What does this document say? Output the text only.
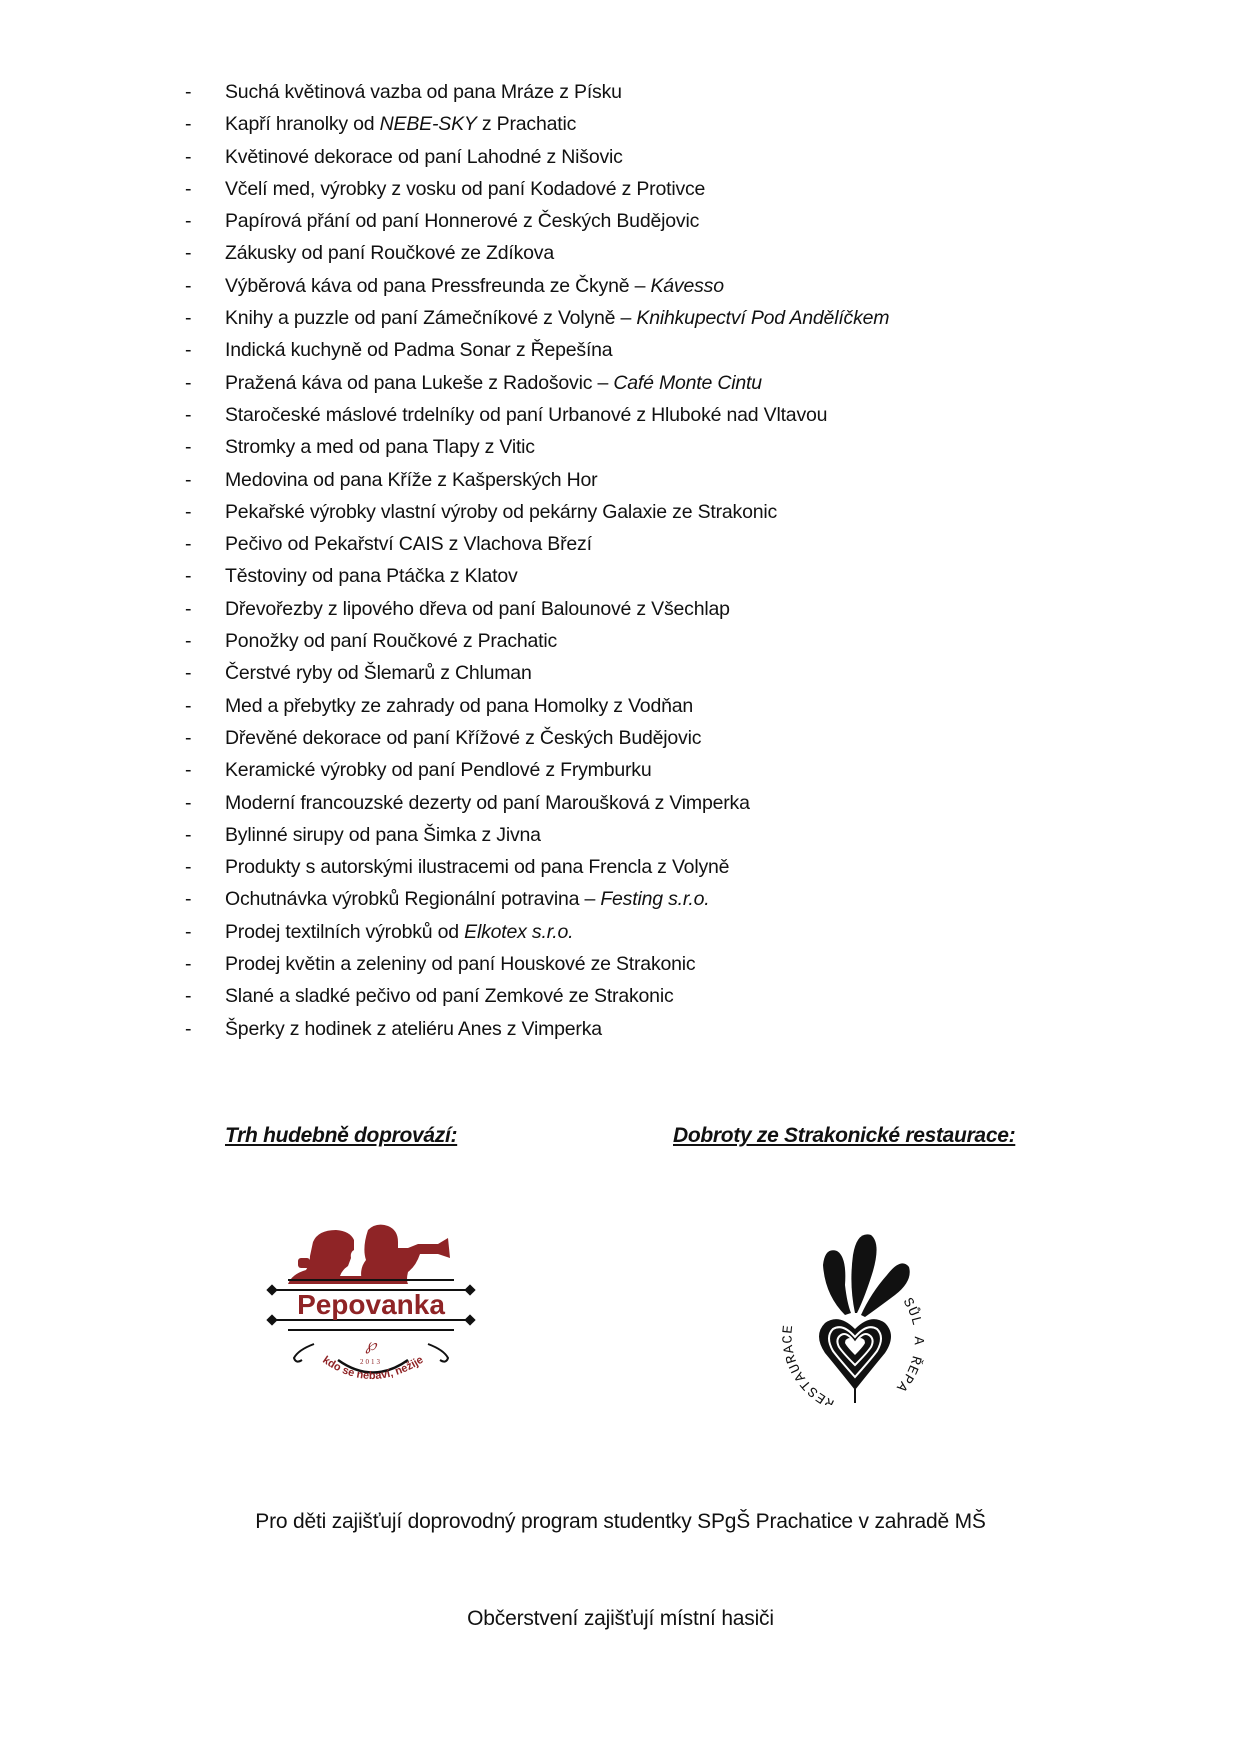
- Suchá květinová vazba od pana Mráze z Písku
- Kapří hranolky od NEBE-SKY z Prachatic
- Květinové dekorace od paní Lahodné z Nišovic
- Včelí med, výrobky z vosku od paní Kodadové z Protivce
- Papírová přání od paní Honnerové z Českých Budějovic
- Zákusky od paní Roučkové ze Zdíkova
- Výběrová káva od pana Pressfreunda ze Čkyně – Kávesso
- Knihy a puzzle od paní Zámečníkové z Volyně – Knihkupectví Pod Andělíčkem
- Indická kuchyně od Padma Sonar z Řepešína
- Pražená káva od pana Lukeše z Radošovic – Café Monte Cintu
- Staročeské máslové trdelníky od paní Urbanové z Hluboké nad Vltavou
- Stromky a med od pana Tlapy z Vitic
- Medovina od pana Kříže z Kašperských Hor
- Pekařské výrobky vlastní výroby od pekárny Galaxie ze Strakonic
- Pečivo od Pekařství CAIS z Vlachova Březí
- Těstoviny od pana Ptáčka z Klatov
- Dřevořezby z lipového dřeva od paní Balounové z Všechlap
- Ponožky od paní Roučkové z Prachatic
- Čerstvé ryby od Šlemarů z Chluman
- Med a přebytky ze zahrady od pana Homolky z Vodňan
- Dřevěné dekorace od paní Křížové z Českých Budějovic
- Keramické výrobky od paní Pendlové z Frymburku
- Moderní francouzské dezerty od paní Maroušková z Vimperka
- Bylinné sirupy od pana Šimka z Jivna
- Produkty s autorskými ilustracemi od pana Frencla z Volyně
- Ochutnávka výrobků Regionální potravina – Festing s.r.o.
- Prodej textilních výrobků od Elkotex s.r.o.
- Prodej květin a zeleniny od paní Houskové ze Strakonic
- Slané a sladké pečivo od paní Zemkové ze Strakonic
- Šperky z hodinek z ateliéru Anes z Vimperka
Trh hudebně doprovází:	Dobroty ze Strakonické restaurace:
Pepovanka
℘
2013
kdo se nebaví, nežije
RESTAURACE
SŮL A ŘEPA
Pro děti zajišťují doprovodný program studentky SPgŠ Prachatice v zahradě MŠ
Občerstvení zajišťují místní hasiči
